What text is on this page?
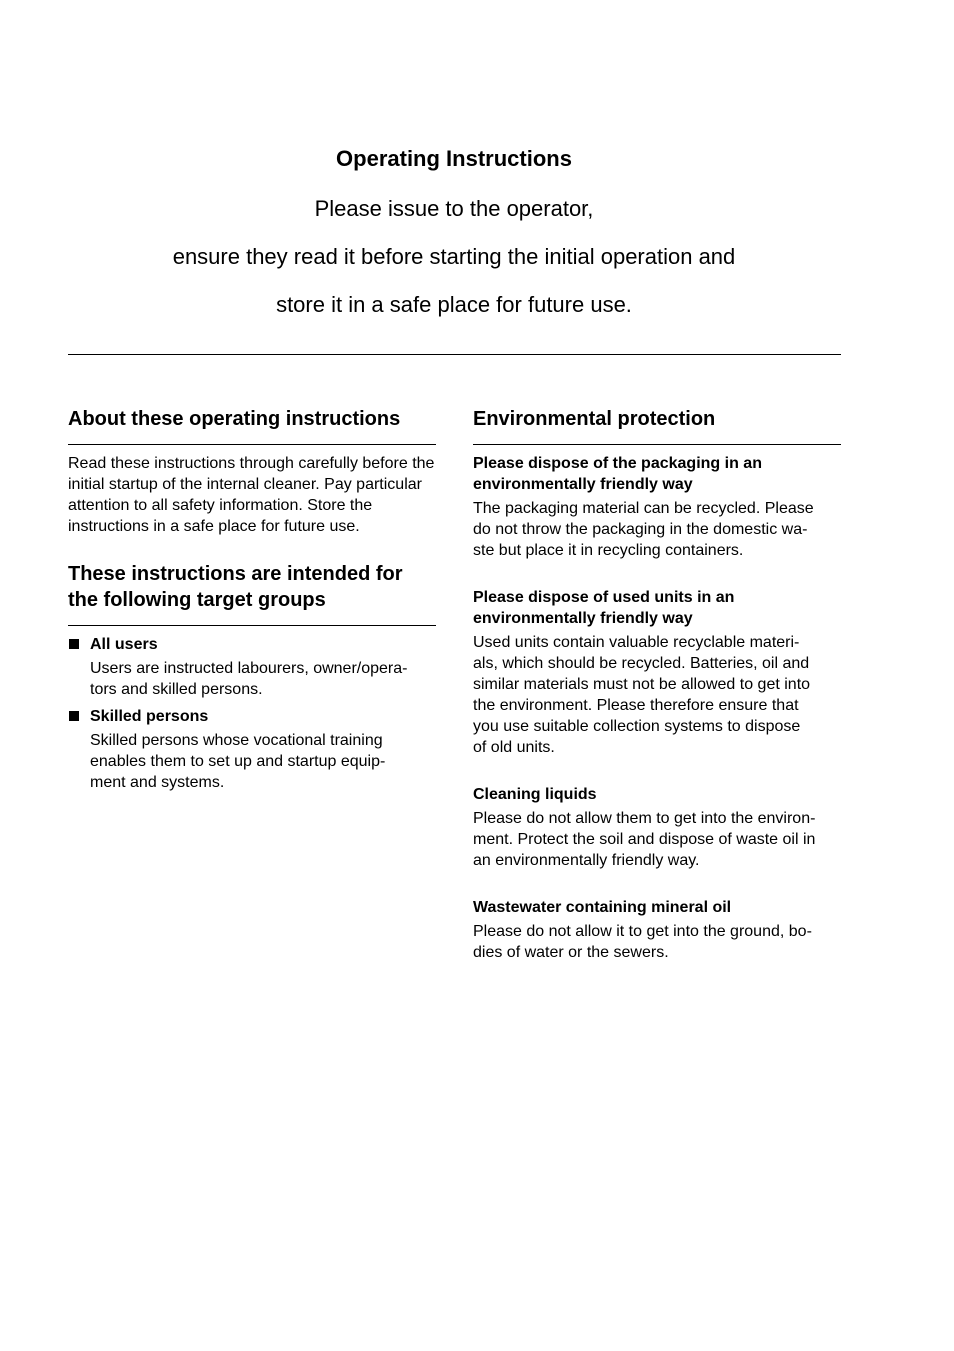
Operating Instructions
Please issue to the operator,
ensure they read it before starting the initial operation and
store it in a safe place for future use.
About these operating instructions

Read these instructions through carefully before the initial startup of the internal cleaner. Pay particular attention to all safety information. Store the instructions in a safe place for future use.

These instructions are intended for
the following target groups
All users

Users are instructed labourers, owner/opera-
tors and skilled persons.

Skilled persons

Skilled persons whose vocational training
enables them to set up and startup equip-
ment and systems.

Environmental protection
Please dispose of the packaging in an
environmentally friendly way

The packaging material can be recycled. Please
do not throw the packaging in the domestic wa-
ste but place it in recycling containers.

Please dispose of used units in an
environmentally friendly way

Used units contain valuable recyclable materi-
als, which should be recycled. Batteries, oil and
similar materials must not be allowed to get into
the environment. Please therefore ensure that
you use suitable collection systems to dispose
of old units.

Cleaning liquids

Please do not allow them to get into the environ-
ment. Protect the soil and dispose of waste oil in
an environmentally friendly way.

Wastewater containing mineral oil

Please do not allow it to get into the ground, bo-
dies of water or the sewers.
